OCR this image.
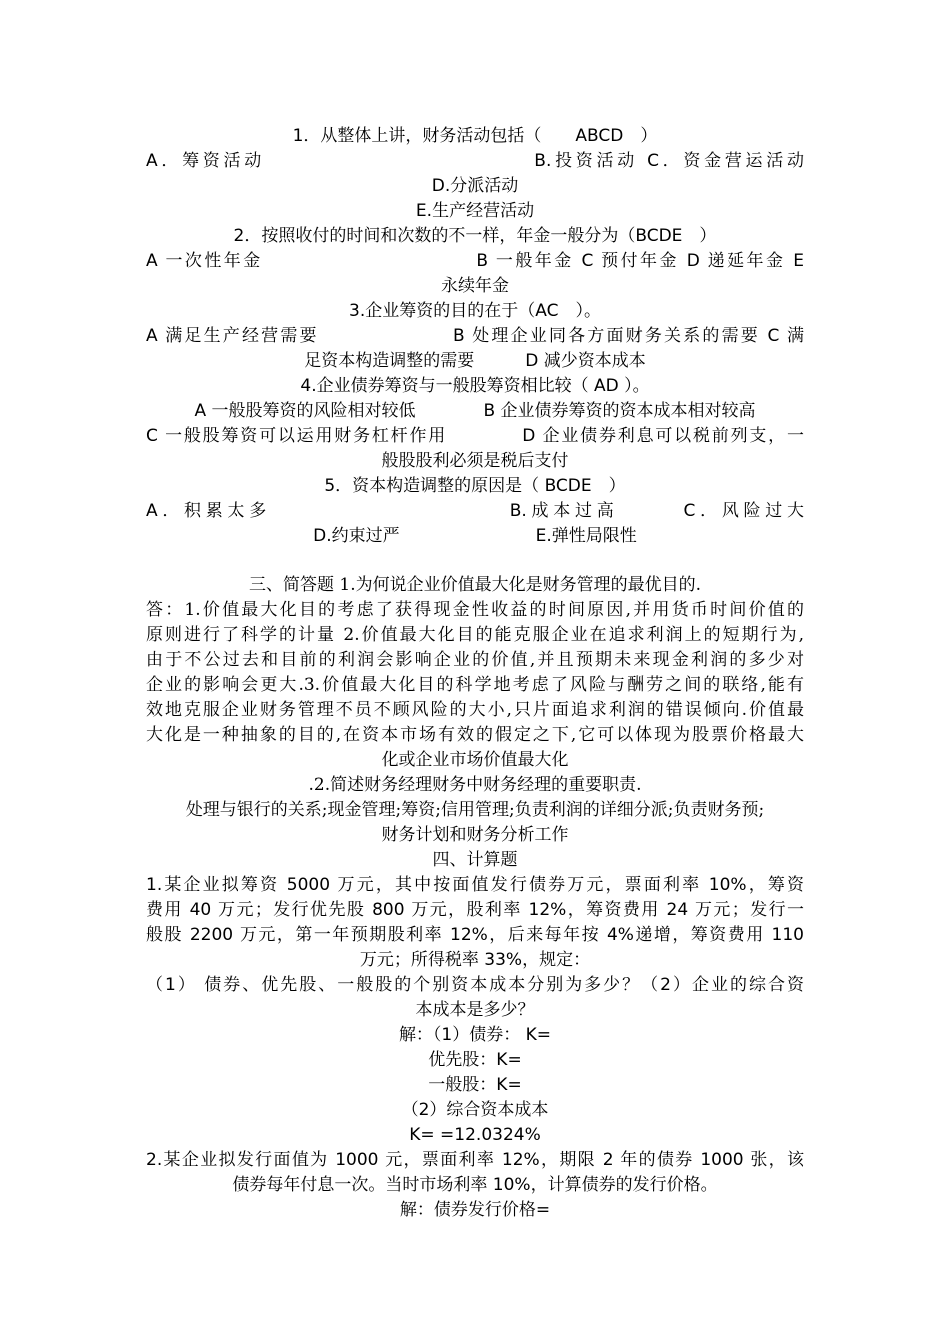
1．从整体上讲，财务活动包括（　　ABCD　）
A．筹资活动　　　　　　　　　　　　　B.投资活动 C．资金营运活动
D.分派活动
E.生产经营活动
2．按照收付的时间和次数的不一样，年金一般分为（BCDE　）
A 一次性年金　　　　　　　　　　　B 一般年金 C 预付年金 D 递延年金 E
永续年金
3.企业筹资的目的在于（AC　）。
A 满足生产经营需要　　　　　　　B 处理企业同各方面财务关系的需要 C 满
足资本构造调整的需要　　　D 减少资本成本
4.企业债券筹资与一般股筹资相比较（ AD ）。
A 一般股筹资的风险相对较低　　　　B 企业债券筹资的资本成本相对较高
C 一般股筹资可以运用财务杠杆作用　　　　D 企业债券利息可以税前列支，一
般股股利必须是税后支付
5．资本构造调整的原因是（ BCDE　）
A．积累太多　　　　　　　　　　　B.成本过高　　　C．风险过大
D.约束过严　　　　　　　　E.弹性局限性
三、简答题 1.为何说企业价值最大化是财务管理的最优目的.
答：1.价值最大化目的考虑了获得现金性收益的时间原因,并用货币时间价值的
原则进行了科学的计量 2.价值最大化目的能克服企业在追求利润上的短期行为,
由于不公过去和目前的利润会影响企业的价值,并且预期未来现金利润的多少对
企业的影响会更大.3.价值最大化目的科学地考虑了风险与酬劳之间的联络,能有
效地克服企业财务管理不员不顾风险的大小,只片面追求利润的错误倾向.价值最
大化是一种抽象的目的,在资本市场有效的假定之下,它可以体现为股票价格最大
化或企业市场价值最大化
.2.简述财务经理财务中财务经理的重要职责.
处理与银行的关系;现金管理;筹资;信用管理;负责利润的详细分派;负责财务预;
财务计划和财务分析工作
四、计算题
1.某企业拟筹资 5000 万元，其中按面值发行债券万元，票面利率 10%，筹资
费用 40 万元；发行优先股 800 万元，股利率 12%，筹资费用 24 万元；发行一
般股 2200 万元，第一年预期股利率 12%，后来每年按 4%递增，筹资费用 110
万元；所得税率 33%，规定：
（1） 债券、优先股、一般股的个别资本成本分别为多少？（2）企业的综合资
本成本是多少？
解：（1）债券： K=
优先股：K=
一般股：K=
（2）综合资本成本
K= =12.0324%
2.某企业拟发行面值为 1000 元，票面利率 12%，期限 2 年的债券 1000 张，该
债券每年付息一次。当时市场利率 10%，计算债券的发行价格。
解：债券发行价格=
